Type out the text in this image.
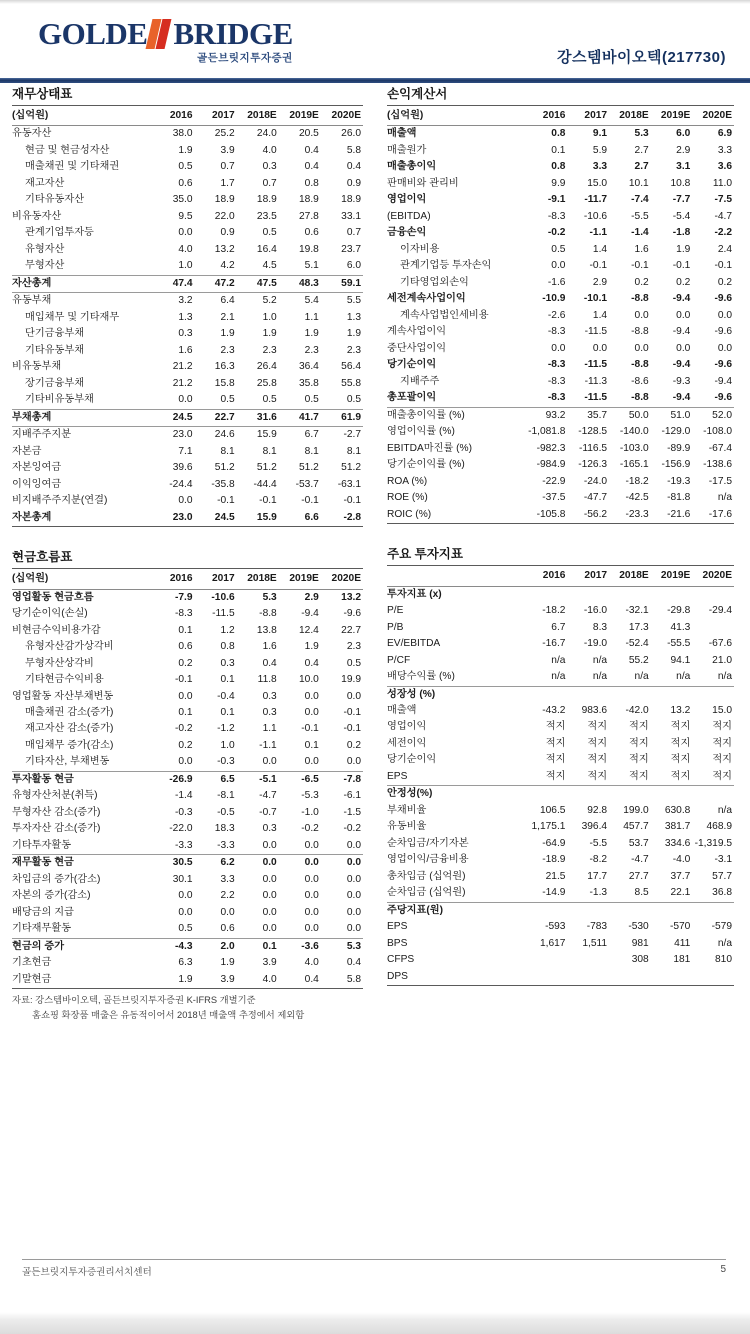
GOLDE BRIDGE
골든브릿지투자증권	강스템바이오텍(217730)
재무상태표
(십억원)	2016	2017	2018E	2019E	2020E
유동자산	38.0	25.2	24.0	20.5	26.0
현금 및 현금성자산	1.9	3.9	4.0	0.4	5.8
매출채권 및 기타채권	0.5	0.7	0.3	0.4	0.4
재고자산	0.6	1.7	0.7	0.8	0.9
기타유동자산	35.0	18.9	18.9	18.9	18.9
비유동자산	9.5	22.0	23.5	27.8	33.1
관계기업투자등	0.0	0.9	0.5	0.6	0.7
유형자산	4.0	13.2	16.4	19.8	23.7
무형자산	1.0	4.2	4.5	5.1	6.0
자산총계	47.4	47.2	47.5	48.3	59.1
유동부채	3.2	6.4	5.2	5.4	5.5
매입채무 및 기타재무	1.3	2.1	1.0	1.1	1.3
단기금융부채	0.3	1.9	1.9	1.9	1.9
기타유동부채	1.6	2.3	2.3	2.3	2.3
비유동부채	21.2	16.3	26.4	36.4	56.4
장기금융부채	21.2	15.8	25.8	35.8	55.8
기타비유동부채	0.0	0.5	0.5	0.5	0.5
부채총계	24.5	22.7	31.6	41.7	61.9
지배주주지분	23.0	24.6	15.9	6.7	-2.7
자본금	7.1	8.1	8.1	8.1	8.1
자본잉여금	39.6	51.2	51.2	51.2	51.2
이익잉여금	-24.4	-35.8	-44.4	-53.7	-63.1
비지배주주지분(연결)	0.0	-0.1	-0.1	-0.1	-0.1
자본총계	23.0	24.5	15.9	6.6	-2.8
현금흐름표
(십억원)	2016	2017	2018E	2019E	2020E
영업활동 현금흐름	-7.9	-10.6	5.3	2.9	13.2
당기순이익(손실)	-8.3	-11.5	-8.8	-9.4	-9.6
비현금수익비용가감	0.1	1.2	13.8	12.4	22.7
유형자산감가상각비	0.6	0.8	1.6	1.9	2.3
무형자산상각비	0.2	0.3	0.4	0.4	0.5
기타현금수익비용	-0.1	0.1	11.8	10.0	19.9
영업활동 자산부채변동	0.0	-0.4	0.3	0.0	0.0
매출채권 감소(증가)	0.1	0.1	0.3	0.0	-0.1
재고자산 감소(증가)	-0.2	-1.2	1.1	-0.1	-0.1
매입채무 증가(감소)	0.2	1.0	-1.1	0.1	0.2
기타자산, 부채변동	0.0	-0.3	0.0	0.0	0.0
투자활동 현금	-26.9	6.5	-5.1	-6.5	-7.8
유형자산처분(취득)	-1.4	-8.1	-4.7	-5.3	-6.1
무형자산 감소(증가)	-0.3	-0.5	-0.7	-1.0	-1.5
투자자산 감소(증가)	-22.0	18.3	0.3	-0.2	-0.2
기타투자활동	-3.3	-3.3	0.0	0.0	0.0
재무활동 현금	30.5	6.2	0.0	0.0	0.0
차입금의 증가(감소)	30.1	3.3	0.0	0.0	0.0
자본의 증가(감소)	0.0	2.2	0.0	0.0	0.0
배당금의 지급	0.0	0.0	0.0	0.0	0.0
기타재무활동	0.5	0.6	0.0	0.0	0.0
현금의 증가	-4.3	2.0	0.1	-3.6	5.3
기초현금	6.3	1.9	3.9	4.0	0.4
기말현금	1.9	3.9	4.0	0.4	5.8
자료: 강스템바이오텍, 골든브릿지투자증권 K-IFRS 개별기준
홈쇼핑 화장품 매출은 유동적이어서 2018년 매출액 추정에서 제외함
손익계산서
(십억원)	2016	2017	2018E	2019E	2020E
매출액	0.8	9.1	5.3	6.0	6.9
매출원가	0.1	5.9	2.7	2.9	3.3
매출총이익	0.8	3.3	2.7	3.1	3.6
판매비와 관리비	9.9	15.0	10.1	10.8	11.0
영업이익	-9.1	-11.7	-7.4	-7.7	-7.5
(EBITDA)	-8.3	-10.6	-5.5	-5.4	-4.7
금융손익	-0.2	-1.1	-1.4	-1.8	-2.2
이자비용	0.5	1.4	1.6	1.9	2.4
관계기업등 투자손익	0.0	-0.1	-0.1	-0.1	-0.1
기타영업외손익	-1.6	2.9	0.2	0.2	0.2
세전계속사업이익	-10.9	-10.1	-8.8	-9.4	-9.6
계속사업법인세비용	-2.6	1.4	0.0	0.0	0.0
계속사업이익	-8.3	-11.5	-8.8	-9.4	-9.6
중단사업이익	0.0	0.0	0.0	0.0	0.0
당기순이익	-8.3	-11.5	-8.8	-9.4	-9.6
지배주주	-8.3	-11.3	-8.6	-9.3	-9.4
총포괄이익	-8.3	-11.5	-8.8	-9.4	-9.6
매출총이익률 (%)	93.2	35.7	50.0	51.0	52.0
영업이익률 (%)	-1,081.8	-128.5	-140.0	-129.0	-108.0
EBITDA마진률 (%)	-982.3	-116.5	-103.0	-89.9	-67.4
당기순이익률 (%)	-984.9	-126.3	-165.1	-156.9	-138.6
ROA (%)	-22.9	-24.0	-18.2	-19.3	-17.5
ROE (%)	-37.5	-47.7	-42.5	-81.8	n/a
ROIC (%)	-105.8	-56.2	-23.3	-21.6	-17.6
주요 투자지표
	2016	2017	2018E	2019E	2020E
투자지표 (x)					
P/E	-18.2	-16.0	-32.1	-29.8	-29.4
P/B	6.7	8.3	17.3	41.3	
EV/EBITDA	-16.7	-19.0	-52.4	-55.5	-67.6
P/CF	n/a	n/a	55.2	94.1	21.0
배당수익률 (%)	n/a	n/a	n/a	n/a	n/a
성장성 (%)					
매출액	-43.2	983.6	-42.0	13.2	15.0
영업이익	적지	적지	적지	적지	적지
세전이익	적지	적지	적지	적지	적지
당기순이익	적지	적지	적지	적지	적지
EPS	적지	적지	적지	적지	적지
안정성(%)					
부채비율	106.5	92.8	199.0	630.8	n/a
유동비율	1,175.1	396.4	457.7	381.7	468.9
순차입금/자기자본	-64.9	-5.5	53.7	334.6	-1,319.5
영업이익/금융비용	-18.9	-8.2	-4.7	-4.0	-3.1
총차입금 (십억원)	21.5	17.7	27.7	37.7	57.7
순차입금 (십억원)	-14.9	-1.3	8.5	22.1	36.8
주당지표(원)					
EPS	-593	-783	-530	-570	-579
BPS	1,617	1,511	981	411	n/a
CFPS			308	181	810
DPS					
골든브릿지투자증권리서치센터	5
